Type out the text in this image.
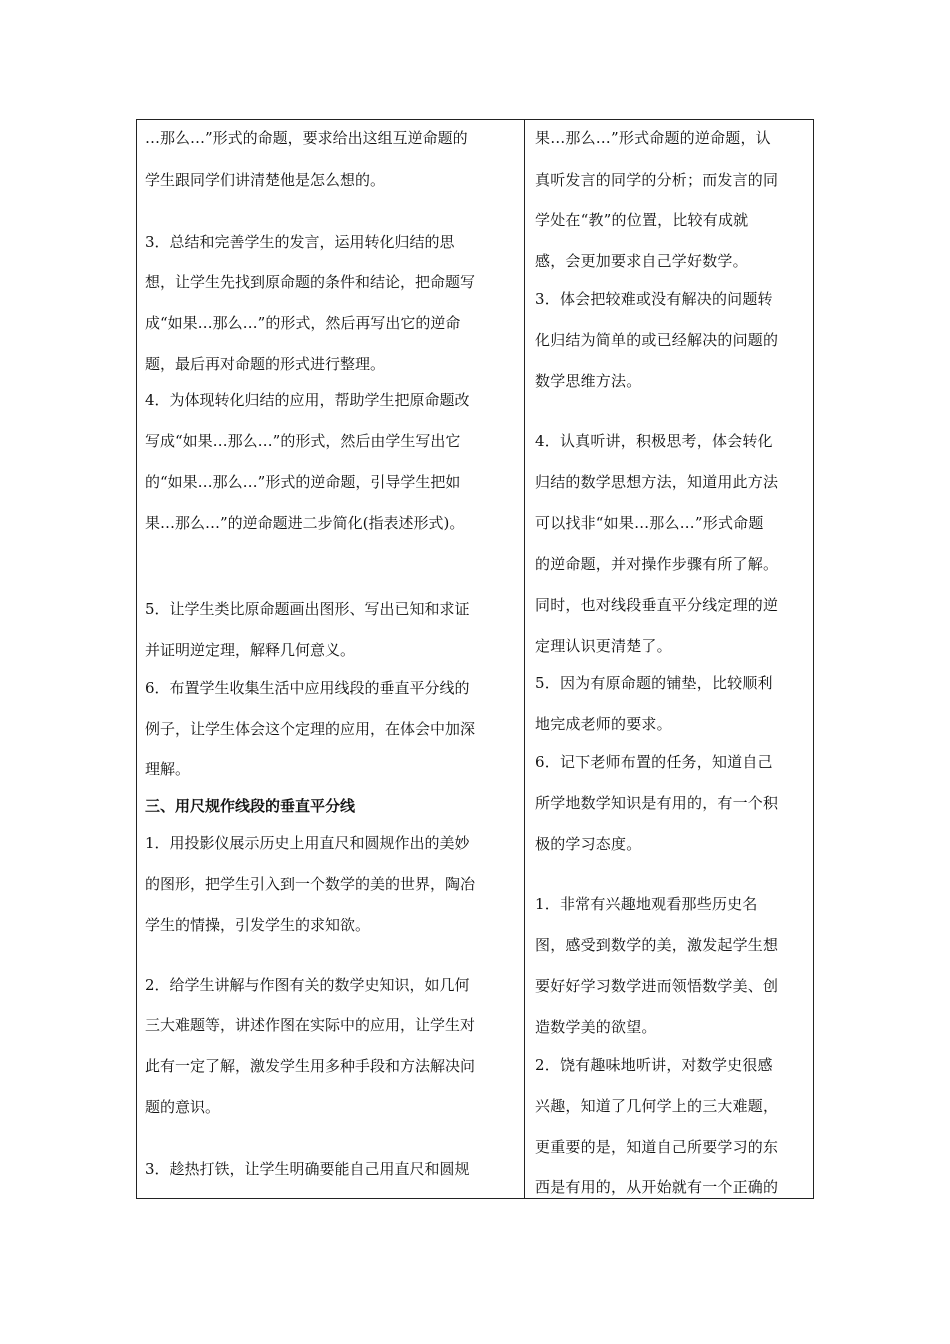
…那么…”形式的命题，要求给出这组互逆命题的
学生跟同学们讲清楚他是怎么想的。
3．总结和完善学生的发言，运用转化归结的思
想，让学生先找到原命题的条件和结论，把命题写
成“如果…那么…”的形式，然后再写出它的逆命
题，最后再对命题的形式进行整理。
4．为体现转化归结的应用，帮助学生把原命题改
写成“如果…那么…”的形式，然后由学生写出它
的“如果…那么…”形式的逆命题，引导学生把如
果…那么…”的逆命题进二步简化(指表述形式)。
5．让学生类比原命题画出图形、写出已知和求证
并证明逆定理，解释几何意义。
6．布置学生收集生活中应用线段的垂直平分线的
例子，让学生体会这个定理的应用，在体会中加深
理解。
三、用尺规作线段的垂直平分线
1．用投影仪展示历史上用直尺和圆规作出的美妙
的图形，把学生引入到一个数学的美的世界，陶冶
学生的情操，引发学生的求知欲。
2．给学生讲解与作图有关的数学史知识，如几何
三大难题等，讲述作图在实际中的应用，让学生对
此有一定了解，激发学生用多种手段和方法解决问
题的意识。
3．趁热打铁，让学生明确要能自己用直尺和圆规
果…那么…”形式命题的逆命题，认
真听发言的同学的分析；而发言的同
学处在“教”的位置，比较有成就
感，会更加要求自己学好数学。
3．体会把较难或没有解决的问题转
化归结为简单的或已经解决的问题的
数学思维方法。
4．认真听讲，积极思考，体会转化
归结的数学思想方法，知道用此方法
可以找非“如果…那么…”形式命题
的逆命题，并对操作步骤有所了解。
同时，也对线段垂直平分线定理的逆
定理认识更清楚了。
5．因为有原命题的铺垫，比较顺利
地完成老师的要求。
6．记下老师布置的任务，知道自己
所学地数学知识是有用的，有一个积
极的学习态度。
1．非常有兴趣地观看那些历史名
图，感受到数学的美，激发起学生想
要好好学习数学进而领悟数学美、创
造数学美的欲望。
2．饶有趣味地听讲，对数学史很感
兴趣，知道了几何学上的三大难题，
更重要的是，知道自己所要学习的东
西是有用的，从开始就有一个正确的
